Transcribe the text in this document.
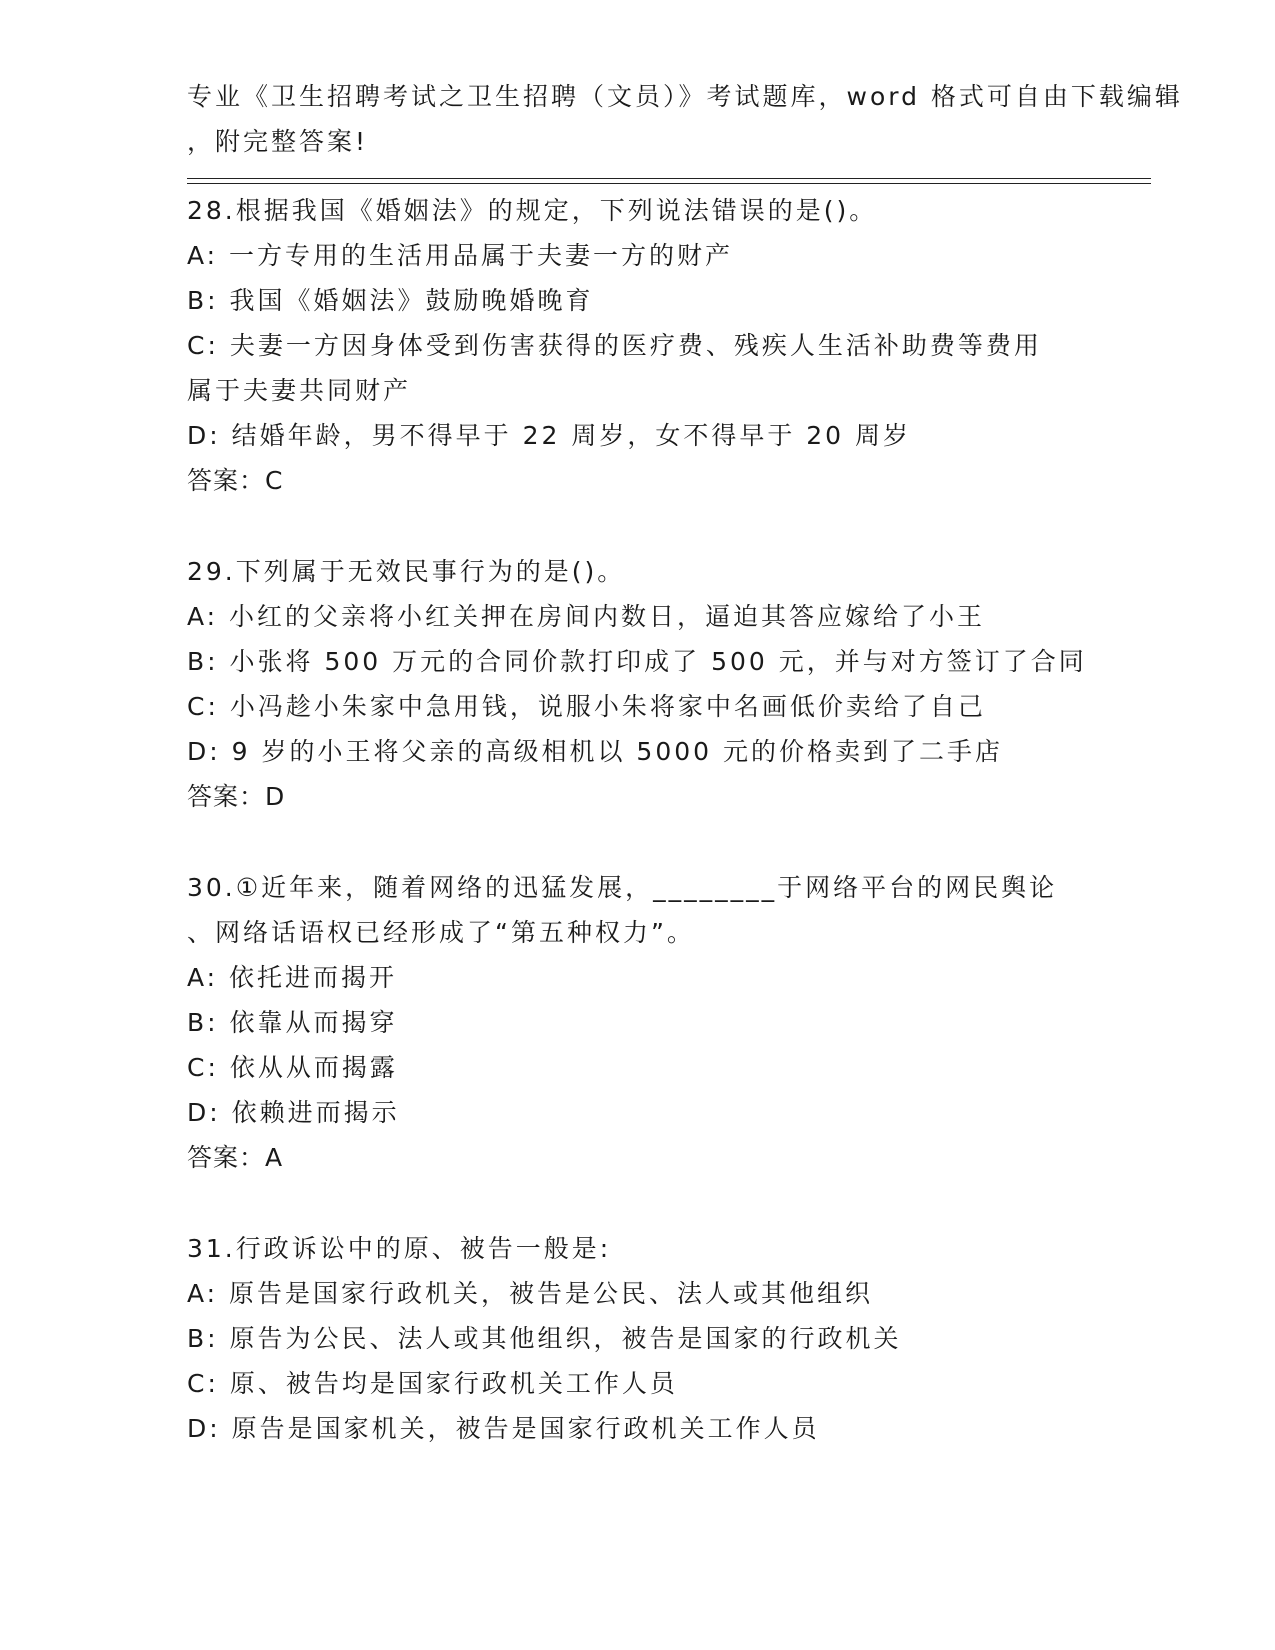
专业《卫生招聘考试之卫生招聘（文员）》考试题库，word 格式可自由下载编辑
，附完整答案!
28.根据我国《婚姻法》的规定，下列说法错误的是()。
A: 一方专用的生活用品属于夫妻一方的财产
B: 我国《婚姻法》鼓励晚婚晚育
C: 夫妻一方因身体受到伤害获得的医疗费、残疾人生活补助费等费用
属于夫妻共同财产
D: 结婚年龄，男不得早于 22 周岁，女不得早于 20 周岁
答案：C
29.下列属于无效民事行为的是()。
A: 小红的父亲将小红关押在房间内数日，逼迫其答应嫁给了小王
B: 小张将 500 万元的合同价款打印成了 500 元，并与对方签订了合同
C: 小冯趁小朱家中急用钱，说服小朱将家中名画低价卖给了自己
D: 9 岁的小王将父亲的高级相机以 5000 元的价格卖到了二手店
答案：D
30.①近年来，随着网络的迅猛发展，________于网络平台的网民舆论
、网络话语权已经形成了“第五种权力”。
A: 依托进而揭开
B: 依靠从而揭穿
C: 依从从而揭露
D: 依赖进而揭示
答案：A
31.行政诉讼中的原、被告一般是:
A: 原告是国家行政机关，被告是公民、法人或其他组织
B: 原告为公民、法人或其他组织，被告是国家的行政机关
C: 原、被告均是国家行政机关工作人员
D: 原告是国家机关，被告是国家行政机关工作人员
